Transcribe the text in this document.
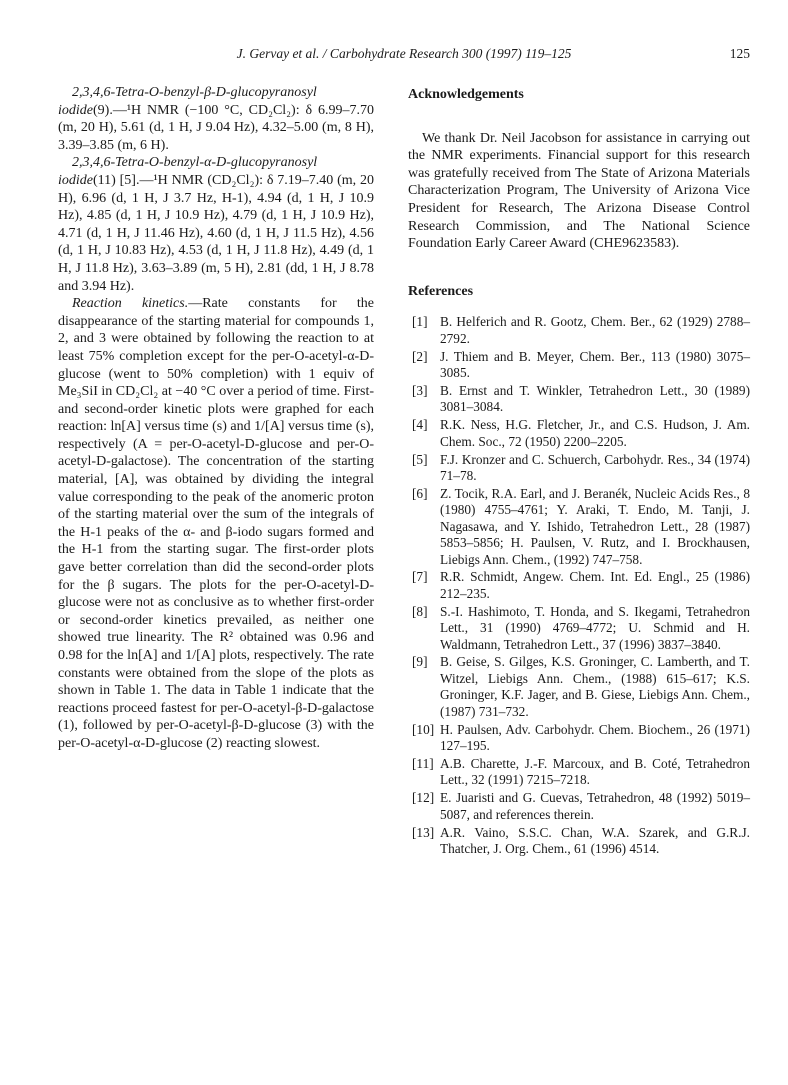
J. Gervay et al. / Carbohydrate Research 300 (1997) 119–125	125

2,3,4,6-Tetra-O-benzyl-β-D-glucopyranosyl iodide(9).—¹H NMR (−100 °C, CD₂Cl₂): δ 6.99–7.70 (m, 20 H), 5.61 (d, 1 H, J 9.04 Hz), 4.32–5.00 (m, 8 H), 3.39–3.85 (m, 6 H).

2,3,4,6-Tetra-O-benzyl-α-D-glucopyranosyl iodide(11) [5].—¹H NMR (CD₂Cl₂): δ 7.19–7.40 (m, 20 H), 6.96 (d, 1 H, J 3.7 Hz, H-1), 4.94 (d, 1 H, J 10.9 Hz), 4.85 (d, 1 H, J 10.9 Hz), 4.79 (d, 1 H, J 10.9 Hz), 4.71 (d, 1 H, J 11.46 Hz), 4.60 (d, 1 H, J 11.5 Hz), 4.56 (d, 1 H, J 10.83 Hz), 4.53 (d, 1 H, J 11.8 Hz), 4.49 (d, 1 H, J 11.8 Hz), 3.63–3.89 (m, 5 H), 2.81 (dd, 1 H, J 8.78 and 3.94 Hz).

Reaction kinetics.—Rate constants for the disappearance of the starting material for compounds 1, 2, and 3 were obtained by following the reaction to at least 75% completion except for the per-O-acetyl-α-D-glucose (went to 50% completion) with 1 equiv of Me₃SiI in CD₂Cl₂ at −40 °C over a period of time. First- and second-order kinetic plots were graphed for each reaction: ln[A] versus time (s) and 1/[A] versus time (s), respectively (A = per-O-acetyl-D-glucose and per-O-acetyl-D-galactose). The concentration of the starting material, [A], was obtained by dividing the integral value corresponding to the peak of the anomeric proton of the starting material over the sum of the integrals of the H-1 peaks of the α- and β-iodo sugars formed and the H-1 from the starting sugar. The first-order plots gave better correlation than did the second-order plots for the β sugars. The plots for the per-O-acetyl-D-glucose were not as conclusive as to whether first-order or second-order kinetics prevailed, as neither one showed true linearity. The R² obtained was 0.96 and 0.98 for the ln[A] and 1/[A] plots, respectively. The rate constants were obtained from the slope of the plots as shown in Table 1. The data in Table 1 indicate that the reactions proceed fastest for per-O-acetyl-β-D-galactose (1), followed by per-O-acetyl-β-D-glucose (3) with the per-O-acetyl-α-D-glucose (2) reacting slowest.

Acknowledgements

We thank Dr. Neil Jacobson for assistance in carrying out the NMR experiments. Financial support for this research was gratefully received from The State of Arizona Materials Characterization Program, The University of Arizona Vice President for Research, The Arizona Disease Control Research Commission, and The National Science Foundation Early Career Award (CHE9623583).

References
[1] B. Helferich and R. Gootz, Chem. Ber., 62 (1929) 2788–2792.
[2] J. Thiem and B. Meyer, Chem. Ber., 113 (1980) 3075–3085.
[3] B. Ernst and T. Winkler, Tetrahedron Lett., 30 (1989) 3081–3084.
[4] R.K. Ness, H.G. Fletcher, Jr., and C.S. Hudson, J. Am. Chem. Soc., 72 (1950) 2200–2205.
[5] F.J. Kronzer and C. Schuerch, Carbohydr. Res., 34 (1974) 71–78.
[6] Z. Tocik, R.A. Earl, and J. Beranék, Nucleic Acids Res., 8 (1980) 4755–4761; Y. Araki, T. Endo, M. Tanji, J. Nagasawa, and Y. Ishido, Tetrahedron Lett., 28 (1987) 5853–5856; H. Paulsen, V. Rutz, and I. Brockhausen, Liebigs Ann. Chem., (1992) 747–758.
[7] R.R. Schmidt, Angew. Chem. Int. Ed. Engl., 25 (1986) 212–235.
[8] S.-I. Hashimoto, T. Honda, and S. Ikegami, Tetrahedron Lett., 31 (1990) 4769–4772; U. Schmid and H. Waldmann, Tetrahedron Lett., 37 (1996) 3837–3840.
[9] B. Geise, S. Gilges, K.S. Groninger, C. Lamberth, and T. Witzel, Liebigs Ann. Chem., (1988) 615–617; K.S. Groninger, K.F. Jager, and B. Giese, Liebigs Ann. Chem., (1987) 731–732.
[10] H. Paulsen, Adv. Carbohydr. Chem. Biochem., 26 (1971) 127–195.
[11] A.B. Charette, J.-F. Marcoux, and B. Coté, Tetrahedron Lett., 32 (1991) 7215–7218.
[12] E. Juaristi and G. Cuevas, Tetrahedron, 48 (1992) 5019–5087, and references therein.
[13] A.R. Vaino, S.S.C. Chan, W.A. Szarek, and G.R.J. Thatcher, J. Org. Chem., 61 (1996) 4514.
